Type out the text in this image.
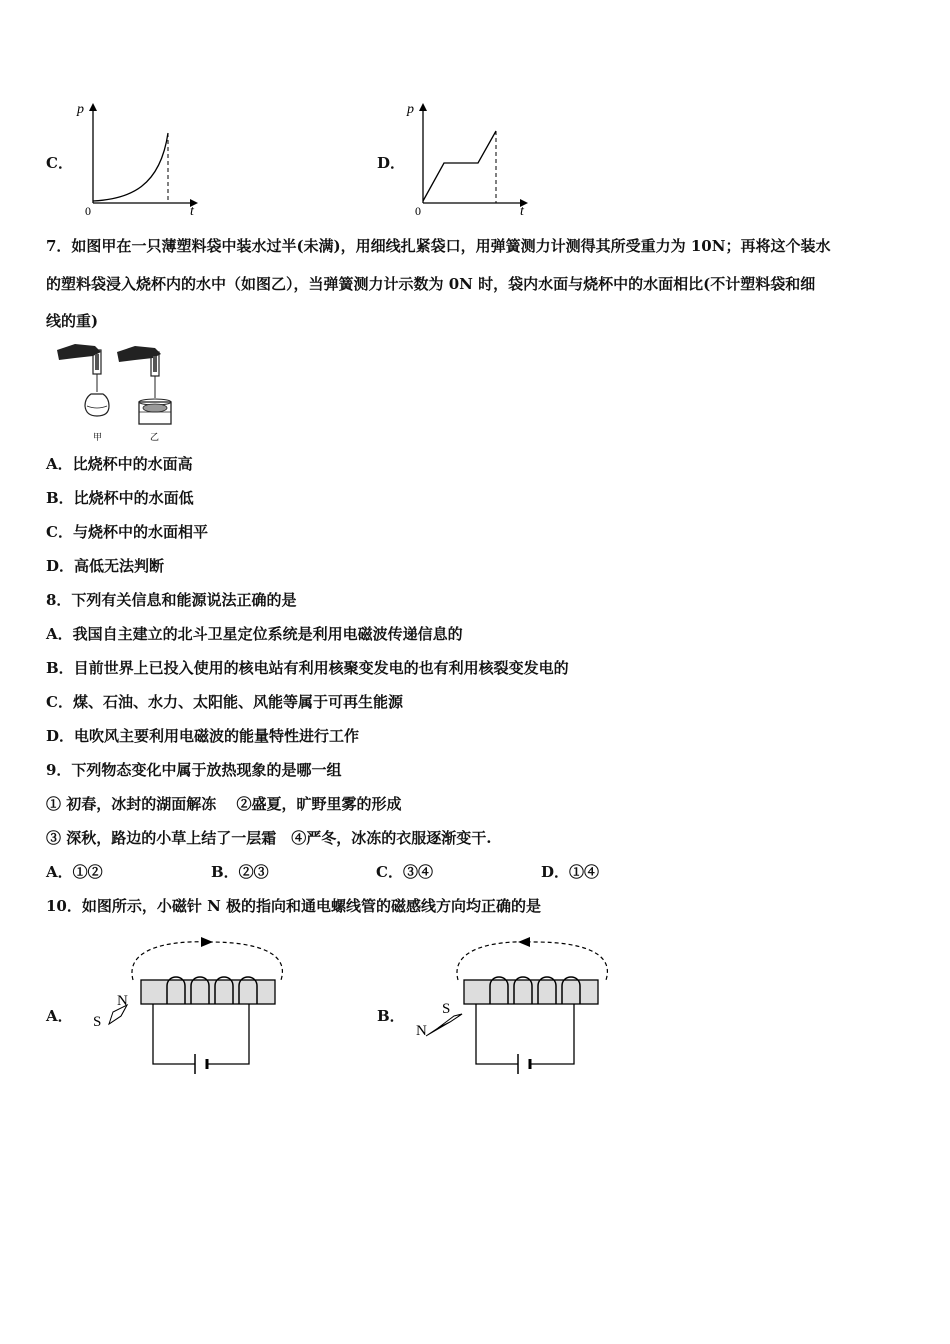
C．
p
t
0
D．
p
t
0
7．如图甲在一只薄塑料袋中装水过半(未满)，用细线扎紧袋口，用弹簧测力计测得其所受重力为 10N；再将这个装水
的塑料袋浸入烧杯内的水中（如图乙），当弹簧测力计示数为 0N 时，袋内水面与烧杯中的水面相比(不计塑料袋和细
线的重)
甲	乙
A．比烧杯中的水面高
B．比烧杯中的水面低
C．与烧杯中的水面相平
D．高低无法判断
8．下列有关信息和能源说法正确的是
A．我国自主建立的北斗卫星定位系统是利用电磁波传递信息的
B．目前世界上已投入使用的核电站有利用核聚变发电的也有利用核裂变发电的
C．煤、石油、水力、太阳能、风能等属于可再生能源
D．电吹风主要利用电磁波的能量特性进行工作
9．下列物态变化中属于放热现象的是哪一组
① 初春，冰封的湖面解冻　 ②盛夏，旷野里雾的形成
③ 深秋，路边的小草上结了一层霜　④严冬，冰冻的衣服逐渐变干.
A．①②	B．②③	C．③④	D．①④
10．如图所示，小磁针 N 极的指向和通电螺线管的磁感线方向均正确的是
A．
N
S	B． S
N
